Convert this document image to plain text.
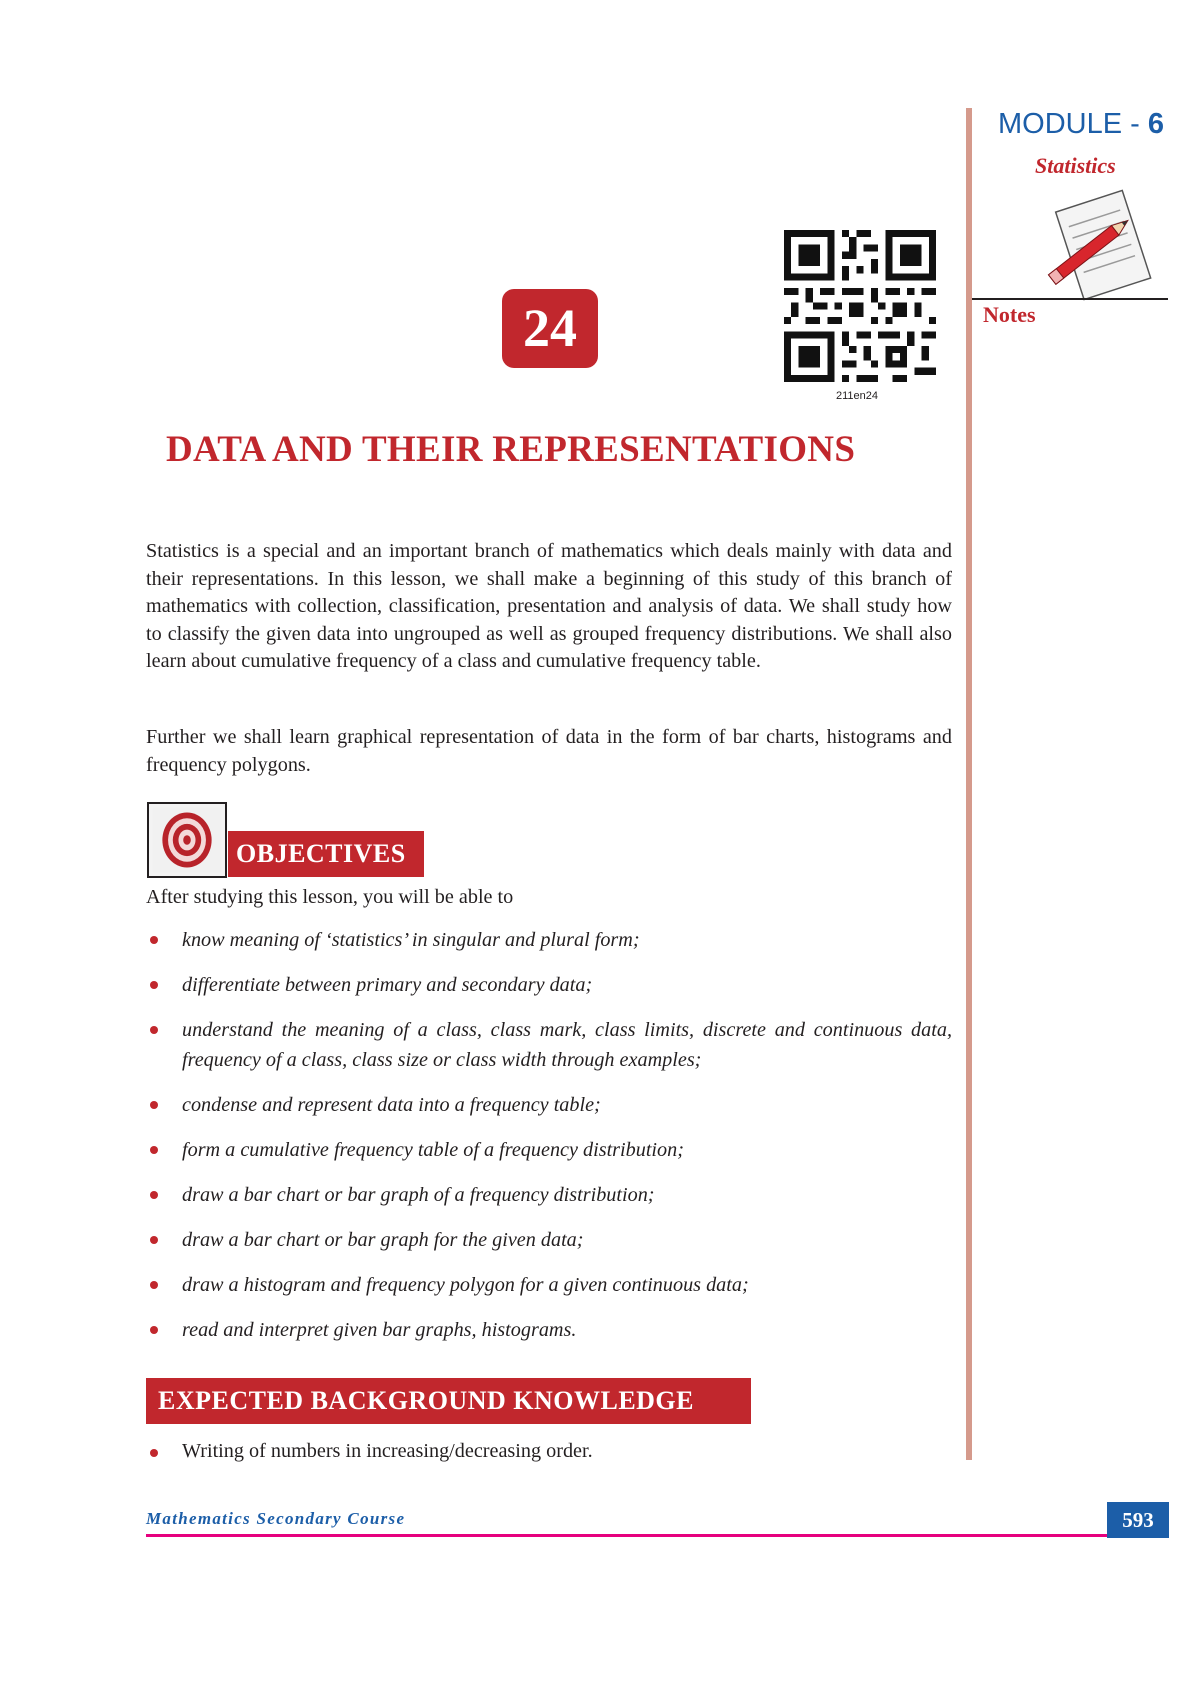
MODULE - 6
Statistics
Notes
24
211en24
DATA AND THEIR REPRESENTATIONS

Statistics is a special and an important branch of mathematics which deals mainly with data and their representations. In this lesson, we shall make a beginning of this study of this branch of mathematics with collection, classification, presentation and analysis of data. We shall study how to classify the given data into ungrouped as well as grouped frequency distributions. We shall also learn about cumulative frequency of a class and cumulative frequency table.

Further we shall learn graphical representation of data in the form of bar charts, histograms and frequency polygons.

OBJECTIVES
After studying this lesson, you will be able to
know meaning of ‘statistics’ in singular and plural form;
differentiate between primary and secondary data;
understand the meaning of a class, class mark, class limits, discrete and continuous data, frequency of a class, class size or class width through examples;
condense and represent data into a frequency table;
form a cumulative frequency table of a frequency distribution;
draw a bar chart or bar graph of a frequency distribution;
draw a bar chart or bar graph for the given data;
draw a histogram and frequency polygon for a given continuous data;
read and interpret given bar graphs, histograms.
EXPECTED BACKGROUND KNOWLEDGE
Writing of numbers in increasing/decreasing order.
Mathematics Secondary Course	593
